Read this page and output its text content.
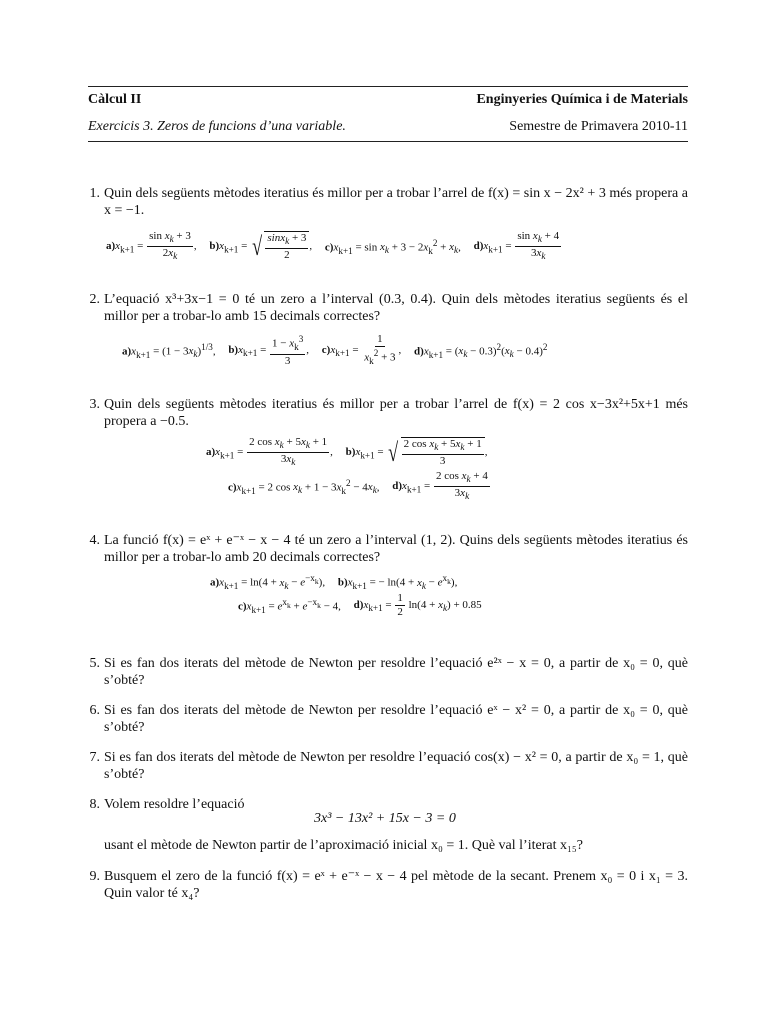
Càlcul II	Enginyeries Química i de Materials
Exercicis 3. Zeros de funcions d’una variable.	Semestre de Primavera 2010-11
1. Quin dels següents mètodes iteratius és millor per a trobar l’arrel de f(x) = sin x − 2x² + 3 més propera a x = −1.

$a)x_{k+1} = \frac{\sin x_k + 3}{2x_k}$ , $b)x_{k+1}$ = √ $\frac{\sin x_k + 3}{2}$ , $c)x_{k+1} = \sin x_k + 3 - 2x_k^2 + x_k$, $d)x_{k+1} = \frac{\sin x_k + 4}{3x_k}$
2. L’equació x³+3x−1 = 0 té un zero a l’interval (0.3, 0.4). Quin dels mètodes iteratius següents és el millor per a trobar-lo amb 15 decimals correctes?

$a)x_{k+1} = (1 - 3x_k)^{1/3}$, $b)x_{k+1} = \frac{1 - x_k^3}{3}$ , $c)x_{k+1} = \frac{1}{x_k^2 + 3}$ , $d)x_{k+1} = (x_k - 0.3)^2(x_k - 0.4)^2$
3. Quin dels següents mètodes iteratius és millor per a trobar l’arrel de f(x) = 2 cos x−3x²+5x+1 més propera a −0.5.

$a)x_{k+1} = \frac{2 \cos x_k + 5x_k + 1}{3x_k}$ , $b)x_{k+1}$ = √ $\frac{2 \cos x_k + 5x_k + 1}{3}$ ,
$c)x_{k+1} = 2$ $\cos x_k + 1 - 3x_k^2 - 4x_k$, $d)x_{k+1} = \frac{2 \cos x_k + 4}{3x_k}$
4. La funció f(x) = eˣ + e⁻ˣ − x − 4 té un zero a l’interval (1, 2). Quins dels següents mètodes iteratius és millor per a trobar-lo amb 20 decimals correctes?

$a)x_{k+1} = \ln(4 + x_k - e^{-x_k})$, $b)x_{k+1}$ = − $\ln(4 + x_k - e^{x_k})$,
$c)x_{k+1} = e^{x_k} + e^{-x_k} - 4$, $d)x_{k+1} = \frac{1}{2} \ln(4 + x_k) + 0.85$
5. Si es fan dos iterats del mètode de Newton per resoldre l’equació e²ˣ − x = 0, a partir de x₀ = 0, què s’obté?

6. Si es fan dos iterats del mètode de Newton per resoldre l’equació eˣ − x² = 0, a partir de x₀ = 0, què s’obté?

7. Si es fan dos iterats del mètode de Newton per resoldre l’equació cos(x) − x² = 0, a partir de x₀ = 1, què s’obté?

8. Volem resoldre l’equació

3x³ − 13x² + 15x − 3 = 0

usant el mètode de Newton partir de l’aproximació inicial x₀ = 1. Què val l’iterat x₁₅?

9. Busquem el zero de la funció f(x) = eˣ + e⁻ˣ − x − 4 pel mètode de la secant. Prenem x₀ = 0 i x₁ = 3. Quin valor té x₄?
